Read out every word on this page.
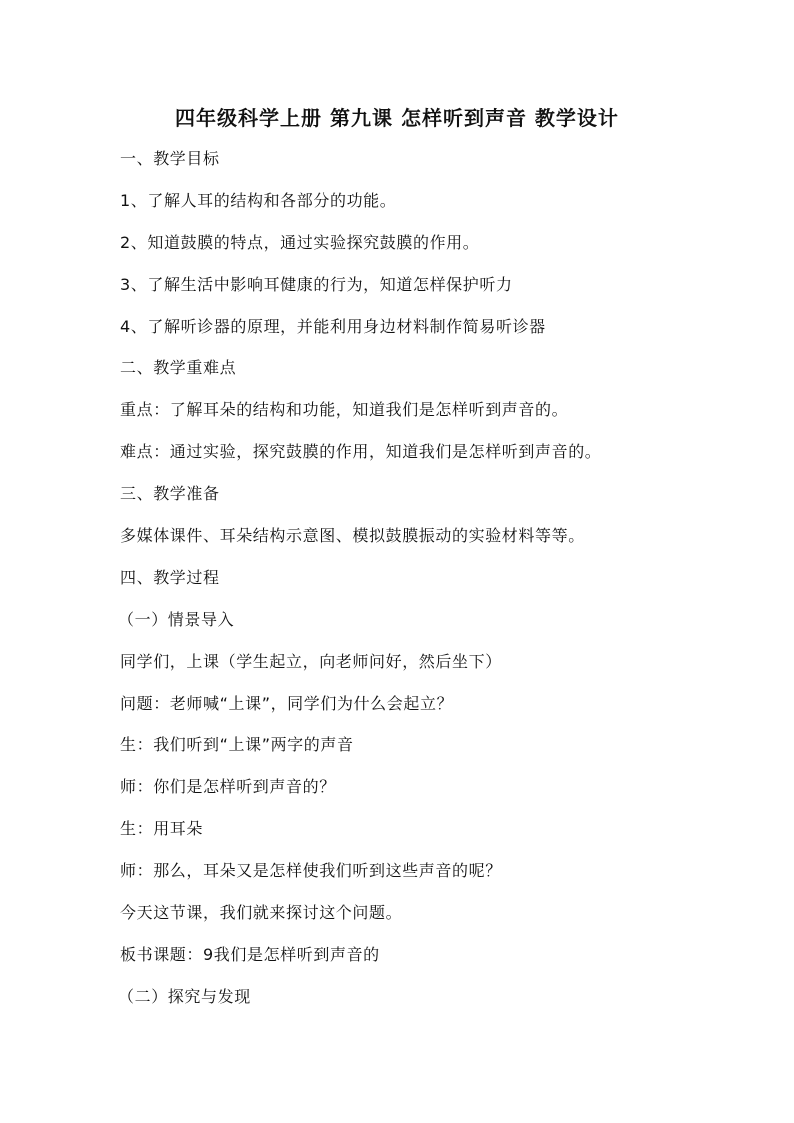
四年级科学上册 第九课 怎样听到声音 教学设计
一、教学目标
1、了解人耳的结构和各部分的功能。
2、知道鼓膜的特点，通过实验探究鼓膜的作用。
3、了解生活中影响耳健康的行为，知道怎样保护听力
4、了解听诊器的原理，并能利用身边材料制作简易听诊器
二、教学重难点
重点：了解耳朵的结构和功能，知道我们是怎样听到声音的。
难点：通过实验，探究鼓膜的作用，知道我们是怎样听到声音的。
三、教学准备
多媒体课件、耳朵结构示意图、模拟鼓膜振动的实验材料等等。
四、教学过程
（一）情景导入
同学们，上课（学生起立，向老师问好，然后坐下）
问题：老师喊“上课”，同学们为什么会起立？
生：我们听到“上课”两字的声音
师：你们是怎样听到声音的？
生：用耳朵
师：那么，耳朵又是怎样使我们听到这些声音的呢？
今天这节课，我们就来探讨这个问题。
板书课题：9我们是怎样听到声音的
（二）探究与发现
